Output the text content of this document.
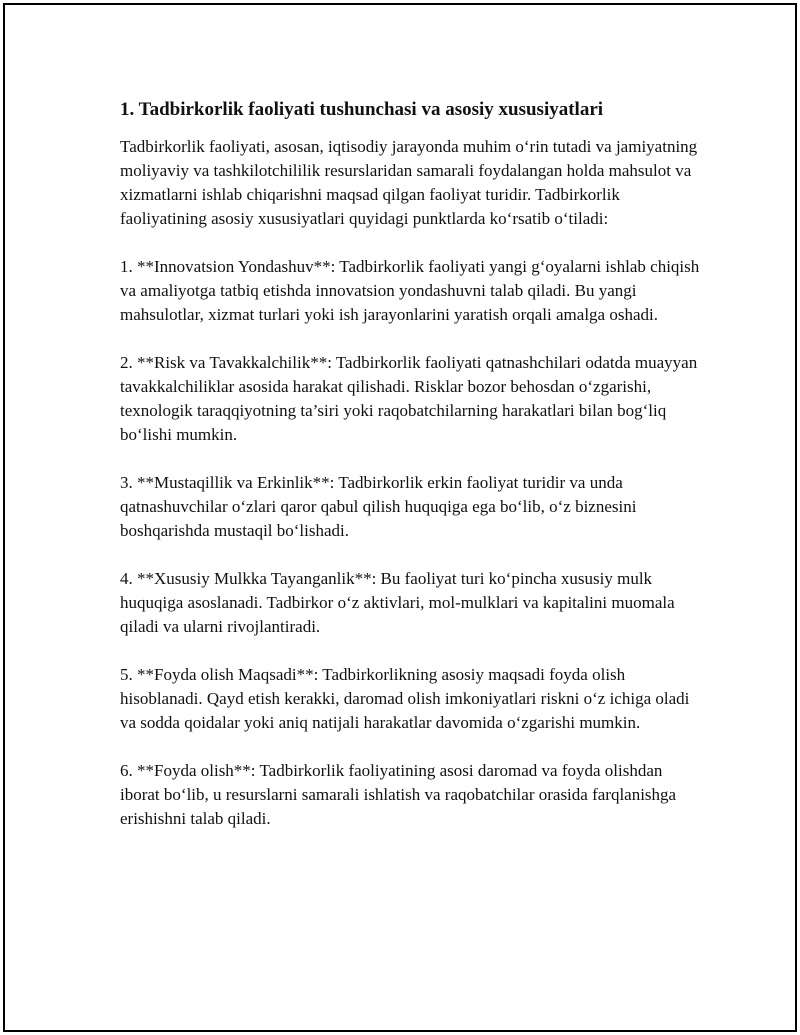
1. Tadbirkorlik faoliyati tushunchasi va asosiy xususiyatlari

Tadbirkorlik faoliyati, asosan, iqtisodiy jarayonda muhim o‘rin tutadi va jamiyatning moliyaviy va tashkilotchililik resurslaridan samarali foydalangan holda mahsulot va xizmatlarni ishlab chiqarishni maqsad qilgan faoliyat turidir. Tadbirkorlik faoliyatining asosiy xususiyatlari quyidagi punktlarda ko‘rsatib o‘tiladi:

1. **Innovatsion Yondashuv**: Tadbirkorlik faoliyati yangi g‘oyalarni ishlab chiqish va amaliyotga tatbiq etishda innovatsion yondashuvni talab qiladi. Bu yangi mahsulotlar, xizmat turlari yoki ish jarayonlarini yaratish orqali amalga oshadi.

2. **Risk va Tavakkalchilik**: Tadbirkorlik faoliyati qatnashchilari odatda muayyan tavakkalchiliklar asosida harakat qilishadi. Risklar bozor behosdan o‘zgarishi, texnologik taraqqiyotning ta’siri yoki raqobatchilarning harakatlari bilan bog‘liq bo‘lishi mumkin.

3. **Mustaqillik va Erkinlik**: Tadbirkorlik erkin faoliyat turidir va unda qatnashuvchilar o‘zlari qaror qabul qilish huquqiga ega bo‘lib, o‘z biznesini boshqarishda mustaqil bo‘lishadi.

4. **Xususiy Mulkka Tayanganlik**: Bu faoliyat turi ko‘pincha xususiy mulk huquqiga asoslanadi. Tadbirkor o‘z aktivlari, mol-mulklari va kapitalini muomala qiladi va ularni rivojlantiradi.

5. **Foyda olish Maqsadi**: Tadbirkorlikning asosiy maqsadi foyda olish hisoblanadi. Qayd etish kerakki, daromad olish imkoniyatlari riskni o‘z ichiga oladi va sodda qoidalar yoki aniq natijali harakatlar davomida o‘zgarishi mumkin.

6. **Foyda olish**: Tadbirkorlik faoliyatining asosi daromad va foyda olishdan iborat bo‘lib, u resurslarni samarali ishlatish va raqobatchilar orasida farqlanishga erishishni talab qiladi.
